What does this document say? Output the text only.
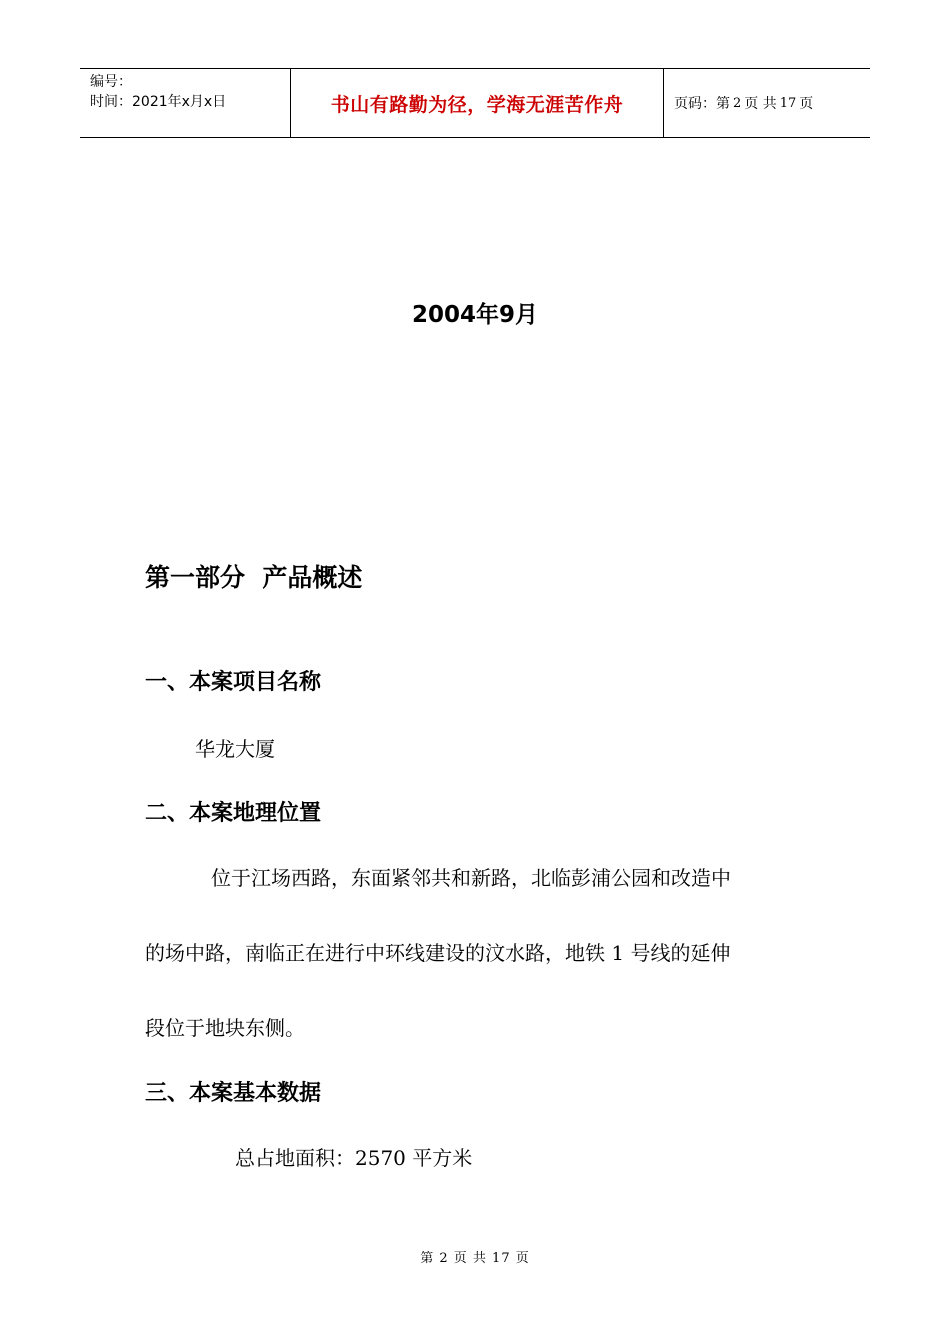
编号：
时间：2021年x月x日	书山有路勤为径，学海无涯苦作舟	页码：第 2 页 共 17 页
2004年9月
第一部分  产品概述
一、本案项目名称
华龙大厦
二、本案地理位置
位于江场西路，东面紧邻共和新路，北临彭浦公园和改造中
的场中路，南临正在进行中环线建设的汶水路，地铁 1 号线的延伸
段位于地块东侧。
三、本案基本数据
总占地面积：2570 平方米
第 2 页 共 17 页
